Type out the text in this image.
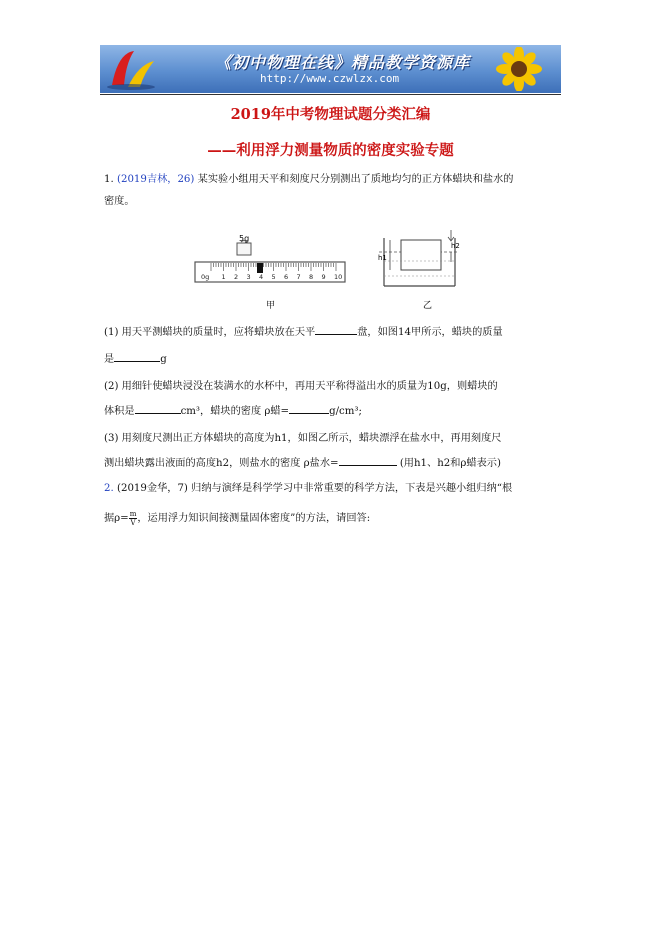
《初中物理在线》精品教学资源库
http://www.czwlzx.com
2019年中考物理试题分类汇编
——利用浮力测量物质的密度实验专题
1. (2019吉林，26) 某实验小组用天平和刻度尺分别测出了质地均匀的正方体蜡块和盐水的
密度。
5g
0g 1 2 3 4 5 6 7 8 9 10
甲
h1
h2
乙
(1) 用天平测蜡块的质量时，应将蜡块放在天平	盘，如图14甲所示，蜡块的质量
是	g
(2) 用细针使蜡块浸没在装满水的水杯中，再用天平称得溢出水的质量为10g，则蜡块的
体积是	cm³，蜡块的密度 ρ蜡=	g/cm³;
(3) 用刻度尺测出正方体蜡块的高度为h1，如图乙所示，蜡块漂浮在盐水中，再用刻度尺
测出蜡块露出液面的高度h2，则盐水的密度 ρ盐水=	(用h1、h2和ρ蜡表示)
2. (2019金华，7) 归纳与演绎是科学学习中非常重要的科学方法，下表是兴趣小组归纳“根
据$\rho= \frac{m}{V}$ ，运用浮力知识间接测量固体密度”的方法，请回答:
